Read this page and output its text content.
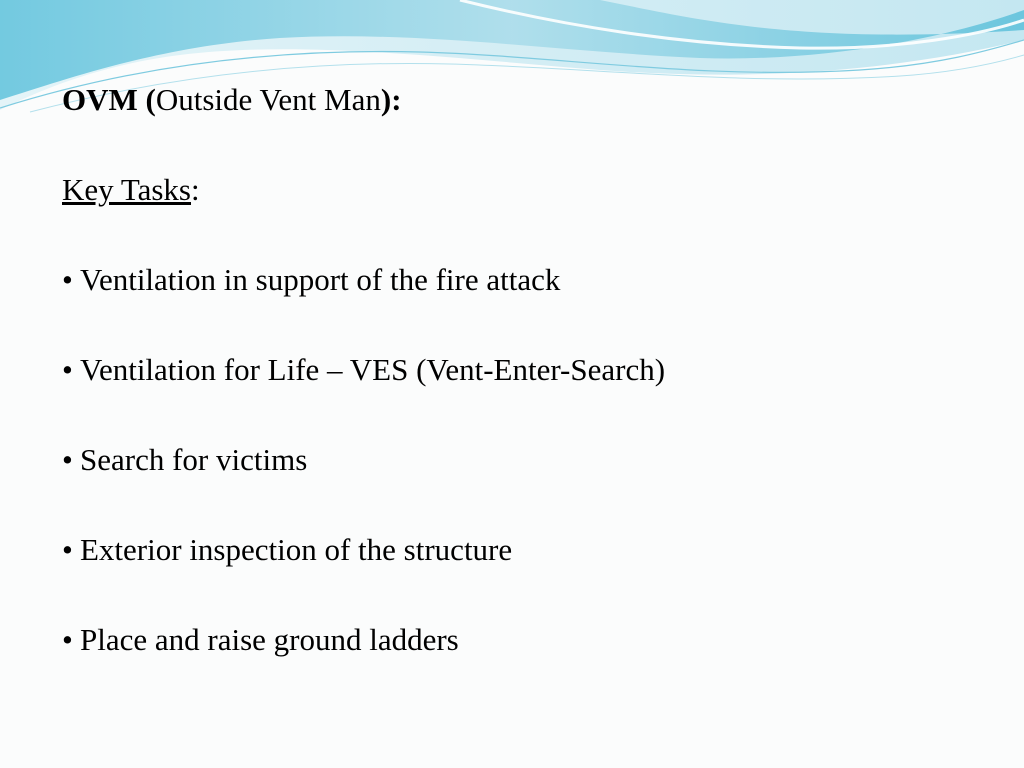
OVM (Outside Vent Man):

Key Tasks:
• Ventilation in support of the fire attack
• Ventilation for Life – VES (Vent-Enter-Search)
• Search for victims
• Exterior inspection of the structure
• Place and raise ground ladders
